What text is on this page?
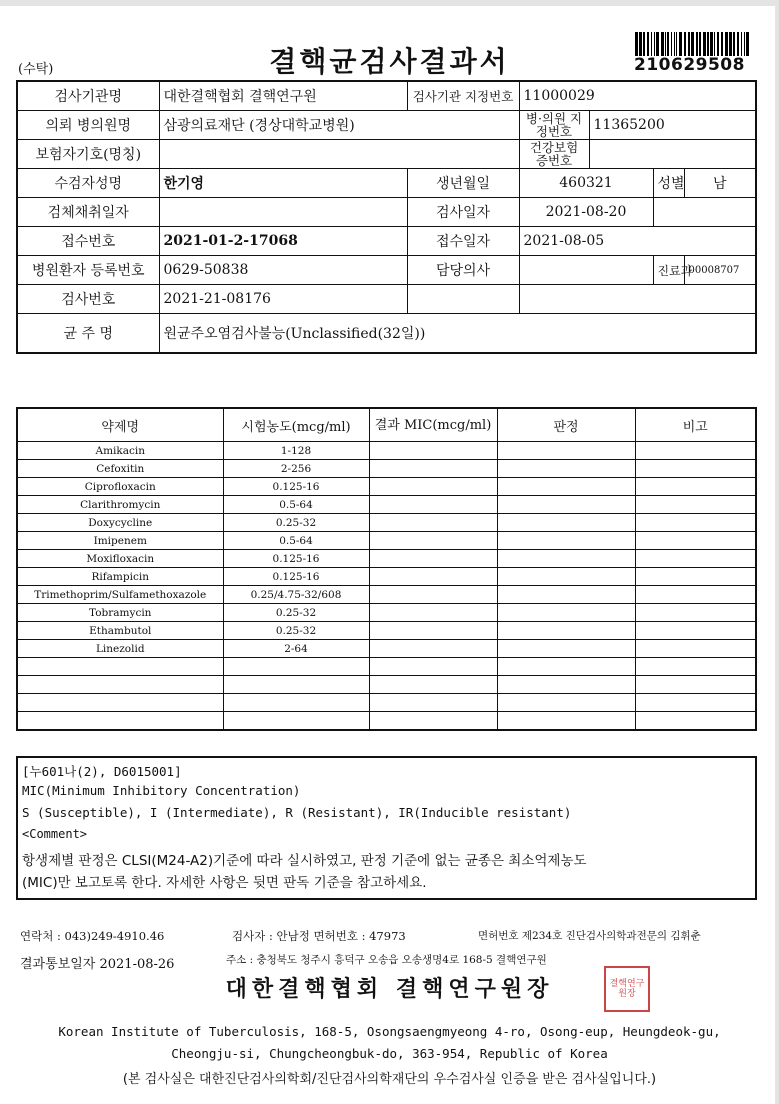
(수탁)	결핵균검사결과서	210629508
검사기관명	대한결핵협회 결핵연구원	검사기관 지정번호	11000029			
의뢰 병의원명	삼광의료재단 (경상대학교병원)		병·의원 지정번호	11365200		
보험자기호(명칭)			건강보험 증번호			
수검자성명	한기영	생년월일	460321		성별	남
검체채취일자		검사일자	2021-08-20			
접수번호	2021-01-2-17068	접수일자	2021-08-05			
병원환자 등록번호	0629-50838	담당의사			진료과	00008707
검사번호	2021-21-08176					
균 주 명	원균주오염검사불능(Unclassified(32일))					
약제명	시험농도(mcg/ml)	결과 MIC(mcg/ml)	판정	비고
Amikacin	1-128			
Cefoxitin	2-256			
Ciprofloxacin	0.125-16			
Clarithromycin	0.5-64			
Doxycycline	0.25-32			
Imipenem	0.5-64			
Moxifloxacin	0.125-16			
Rifampicin	0.125-16			
Trimethoprim/Sulfamethoxazole	0.25/4.75-32/608			
Tobramycin	0.25-32			
Ethambutol	0.25-32			
Linezolid	2-64			

[누601나(2), D6015001]
MIC(Minimum Inhibitory Concentration)
S (Susceptible), I (Intermediate), R (Resistant), IR(Inducible resistant)
<Comment>
항생제별 판정은 CLSI(M24-A2)기준에 따라 실시하였고, 판정 기준에 없는 균종은 최소억제농도
(MIC)만 보고토록 한다. 자세한 사항은 뒷면 판독 기준을 참고하세요.
연락처 : 043)249-4910.46	검사자 : 안남정 면허번호 : 47973	면허번호 제234호 진단검사의학과전문의 김휘춘
결과통보일자 2021-08-26	주소 : 충청북도 청주시 흥덕구 오송읍 오송생명4로 168-5 결핵연구원
대한결핵협회 결핵연구원장	결핵연구원장
Korean Institute of Tuberculosis, 168-5, Osongsaengmyeong 4-ro, Osong-eup, Heungdeok-gu,
Cheongju-si, Chungcheongbuk-do, 363-954, Republic of Korea
(본 검사실은 대한진단검사의학회/진단검사의학재단의 우수검사실 인증을 받은 검사실입니다.)
